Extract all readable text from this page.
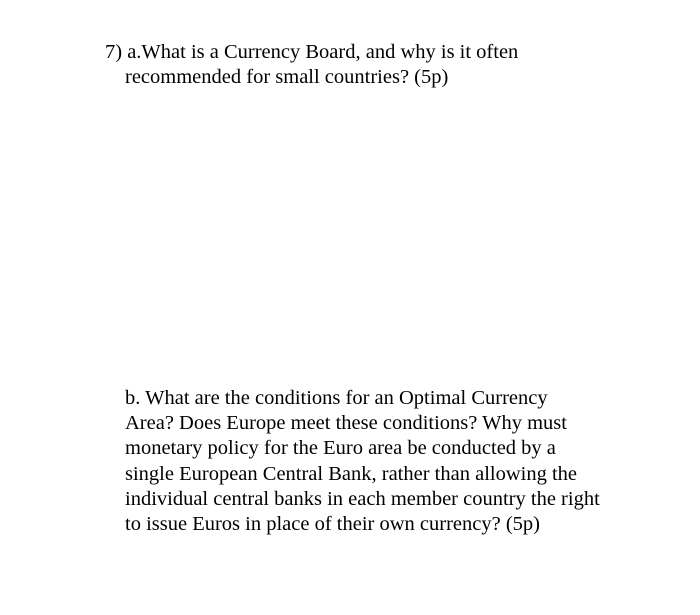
7) a.What is a Currency Board, and why is it often
recommended for small countries? (5p)
b. What are the conditions for an Optimal Currency
Area? Does Europe meet these conditions? Why must
monetary policy for the Euro area be conducted by a
single European Central Bank, rather than allowing the
individual central banks in each member country the right
to issue Euros in place of their own currency? (5p)
